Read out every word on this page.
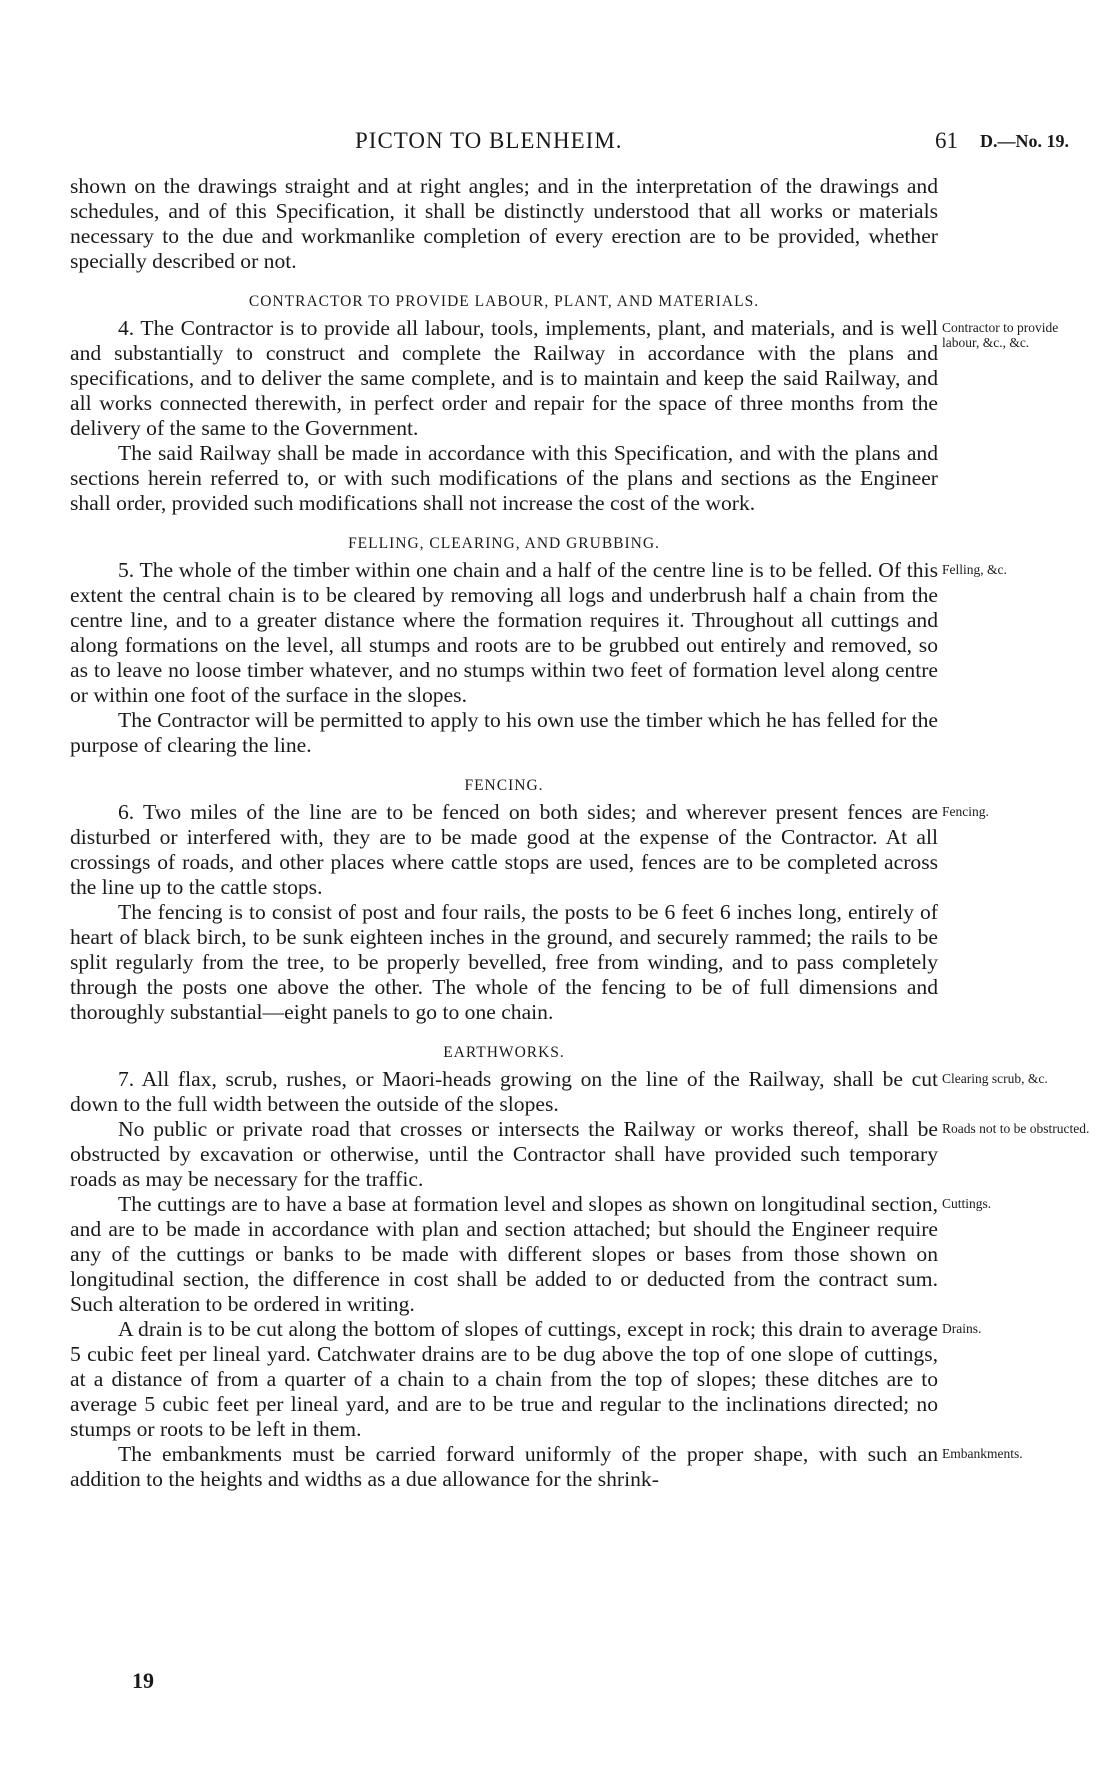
PICTON TO BLENHEIM.	61 D.—No. 19.

shown on the drawings straight and at right angles; and in the interpretation of the drawings and schedules, and of this Specification, it shall be distinctly understood that all works or materials necessary to the due and workmanlike completion of every erection are to be provided, whether specially described or not.

CONTRACTOR TO PROVIDE LABOUR, PLANT, AND MATERIALS.
Contractor to provide labour, &c., &c.

4. The Contractor is to provide all labour, tools, implements, plant, and materials, and is well and substantially to construct and complete the Railway in accordance with the plans and specifications, and to deliver the same complete, and is to maintain and keep the said Railway, and all works connected therewith, in perfect order and repair for the space of three months from the delivery of the same to the Government.

The said Railway shall be made in accordance with this Specification, and with the plans and sections herein referred to, or with such modifications of the plans and sections as the Engineer shall order, provided such modifications shall not increase the cost of the work.

FELLING, CLEARING, AND GRUBBING.
Felling, &c.

5. The whole of the timber within one chain and a half of the centre line is to be felled. Of this extent the central chain is to be cleared by removing all logs and underbrush half a chain from the centre line, and to a greater distance where the formation requires it. Throughout all cuttings and along formations on the level, all stumps and roots are to be grubbed out entirely and removed, so as to leave no loose timber whatever, and no stumps within two feet of formation level along centre or within one foot of the surface in the slopes.

The Contractor will be permitted to apply to his own use the timber which he has felled for the purpose of clearing the line.

FENCING.
Fencing.

6. Two miles of the line are to be fenced on both sides; and wherever present fences are disturbed or interfered with, they are to be made good at the expense of the Contractor. At all crossings of roads, and other places where cattle stops are used, fences are to be completed across the line up to the cattle stops.

The fencing is to consist of post and four rails, the posts to be 6 feet 6 inches long, entirely of heart of black birch, to be sunk eighteen inches in the ground, and securely rammed; the rails to be split regularly from the tree, to be properly bevelled, free from winding, and to pass completely through the posts one above the other. The whole of the fencing to be of full dimensions and thoroughly substantial—eight panels to go to one chain.

EARTHWORKS.
Clearing scrub, &c.

7. All flax, scrub, rushes, or Maori-heads growing on the line of the Railway, shall be cut down to the full width between the outside of the slopes.

Roads not to be obstructed.

No public or private road that crosses or intersects the Railway or works thereof, shall be obstructed by excavation or otherwise, until the Contractor shall have provided such temporary roads as may be necessary for the traffic.

Cuttings.

The cuttings are to have a base at formation level and slopes as shown on longitudinal section, and are to be made in accordance with plan and section attached; but should the Engineer require any of the cuttings or banks to be made with different slopes or bases from those shown on longitudinal section, the difference in cost shall be added to or deducted from the contract sum. Such alteration to be ordered in writing.

Drains.

A drain is to be cut along the bottom of slopes of cuttings, except in rock; this drain to average 5 cubic feet per lineal yard. Catchwater drains are to be dug above the top of one slope of cuttings, at a distance of from a quarter of a chain to a chain from the top of slopes; these ditches are to average 5 cubic feet per lineal yard, and are to be true and regular to the inclinations directed; no stumps or roots to be left in them.

Embankments.

The embankments must be carried forward uniformly of the proper shape, with such an addition to the heights and widths as a due allowance for the shrink-

19
